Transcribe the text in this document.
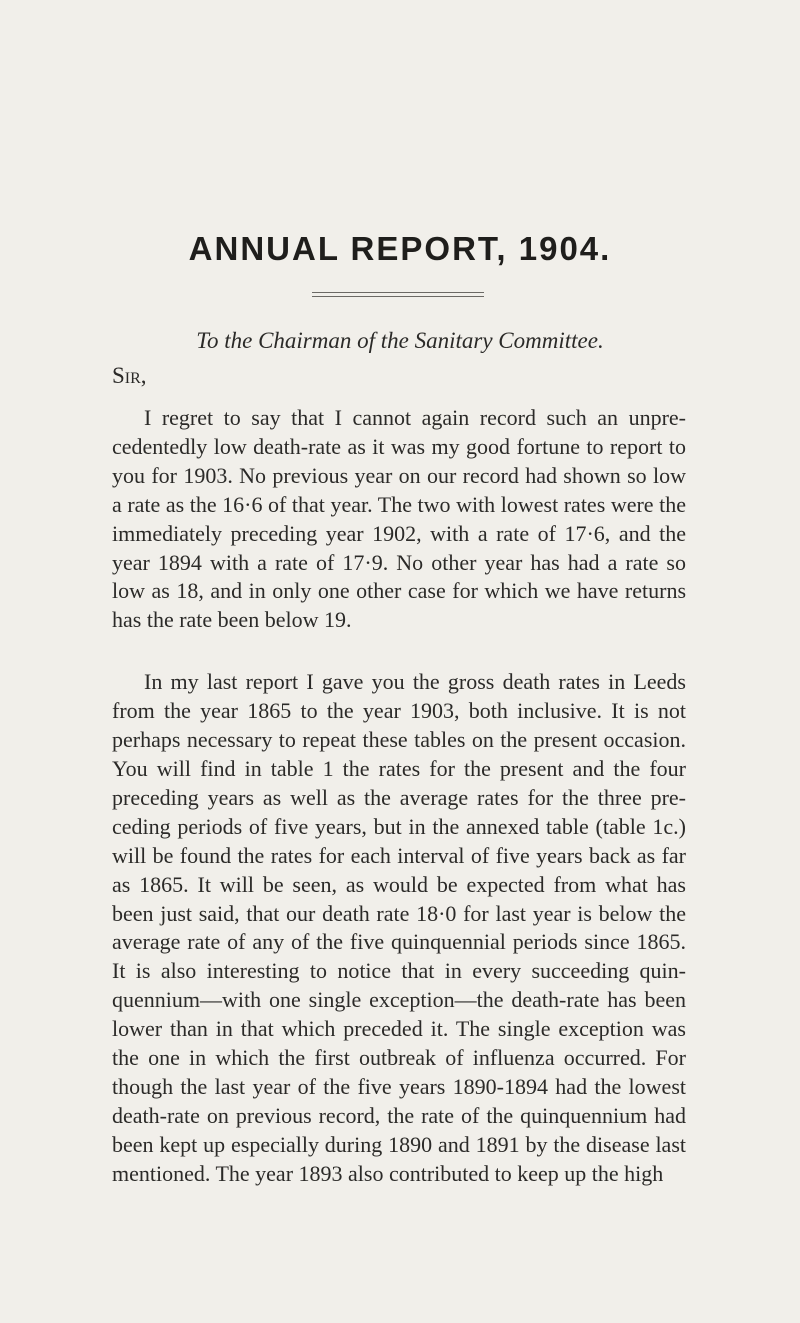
ANNUAL REPORT, 1904.

To the Chairman of the Sanitary Committee.

Sir,

I regret to say that I cannot again record such an unpre- cedentedly low death-rate as it was my good fortune to report to you for 1903. No previous year on our record had shown so low a rate as the 16·6 of that year. The two with lowest rates were the immediately preceding year 1902, with a rate of 17·6, and the year 1894 with a rate of 17·9. No other year has had a rate so low as 18, and in only one other case for which we have returns has the rate been below 19.

In my last report I gave you the gross death rates in Leeds from the year 1865 to the year 1903, both inclusive. It is not perhaps necessary to repeat these tables on the present occasion. You will find in table 1 the rates for the present and the four preceding years as well as the average rates for the three pre- ceding periods of five years, but in the annexed table (table 1c.) will be found the rates for each interval of five years back as far as 1865. It will be seen, as would be expected from what has been just said, that our death rate 18·0 for last year is below the average rate of any of the five quinquennial periods since 1865. It is also interesting to notice that in every succeeding quin- quennium—with one single exception—the death-rate has been lower than in that which preceded it. The single exception was the one in which the first outbreak of influenza occurred. For though the last year of the five years 1890-1894 had the lowest death-rate on previous record, the rate of the quinquennium had been kept up especially during 1890 and 1891 by the disease last mentioned. The year 1893 also contributed to keep up the high
